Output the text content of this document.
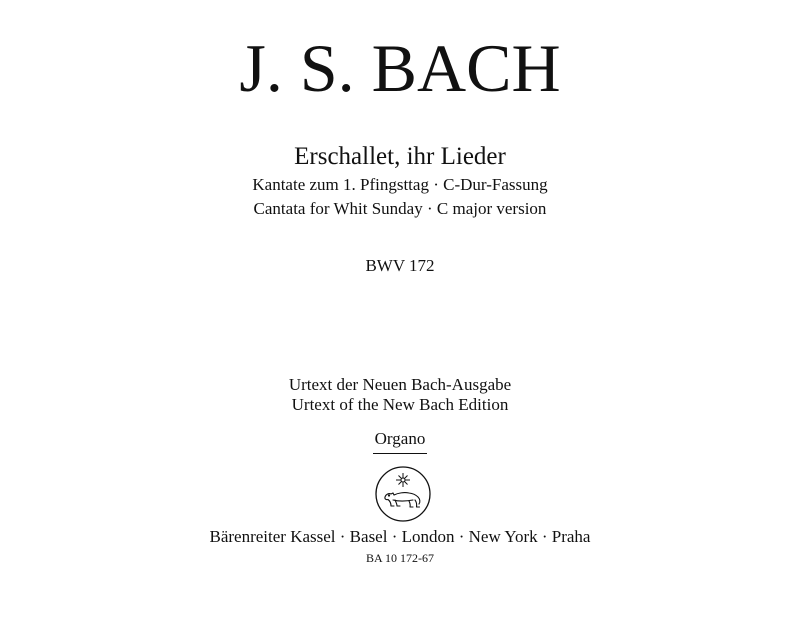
J. S. BACH
Erschallet, ihr Lieder
Kantate zum 1. Pfingsttag · C-Dur-Fassung
Cantata for Whit Sunday · C major version
BWV 172
Urtext der Neuen Bach-Ausgabe
Urtext of the New Bach Edition
Organo
Bärenreiter Kassel · Basel · London · New York · Praha
BA 10 172-67
